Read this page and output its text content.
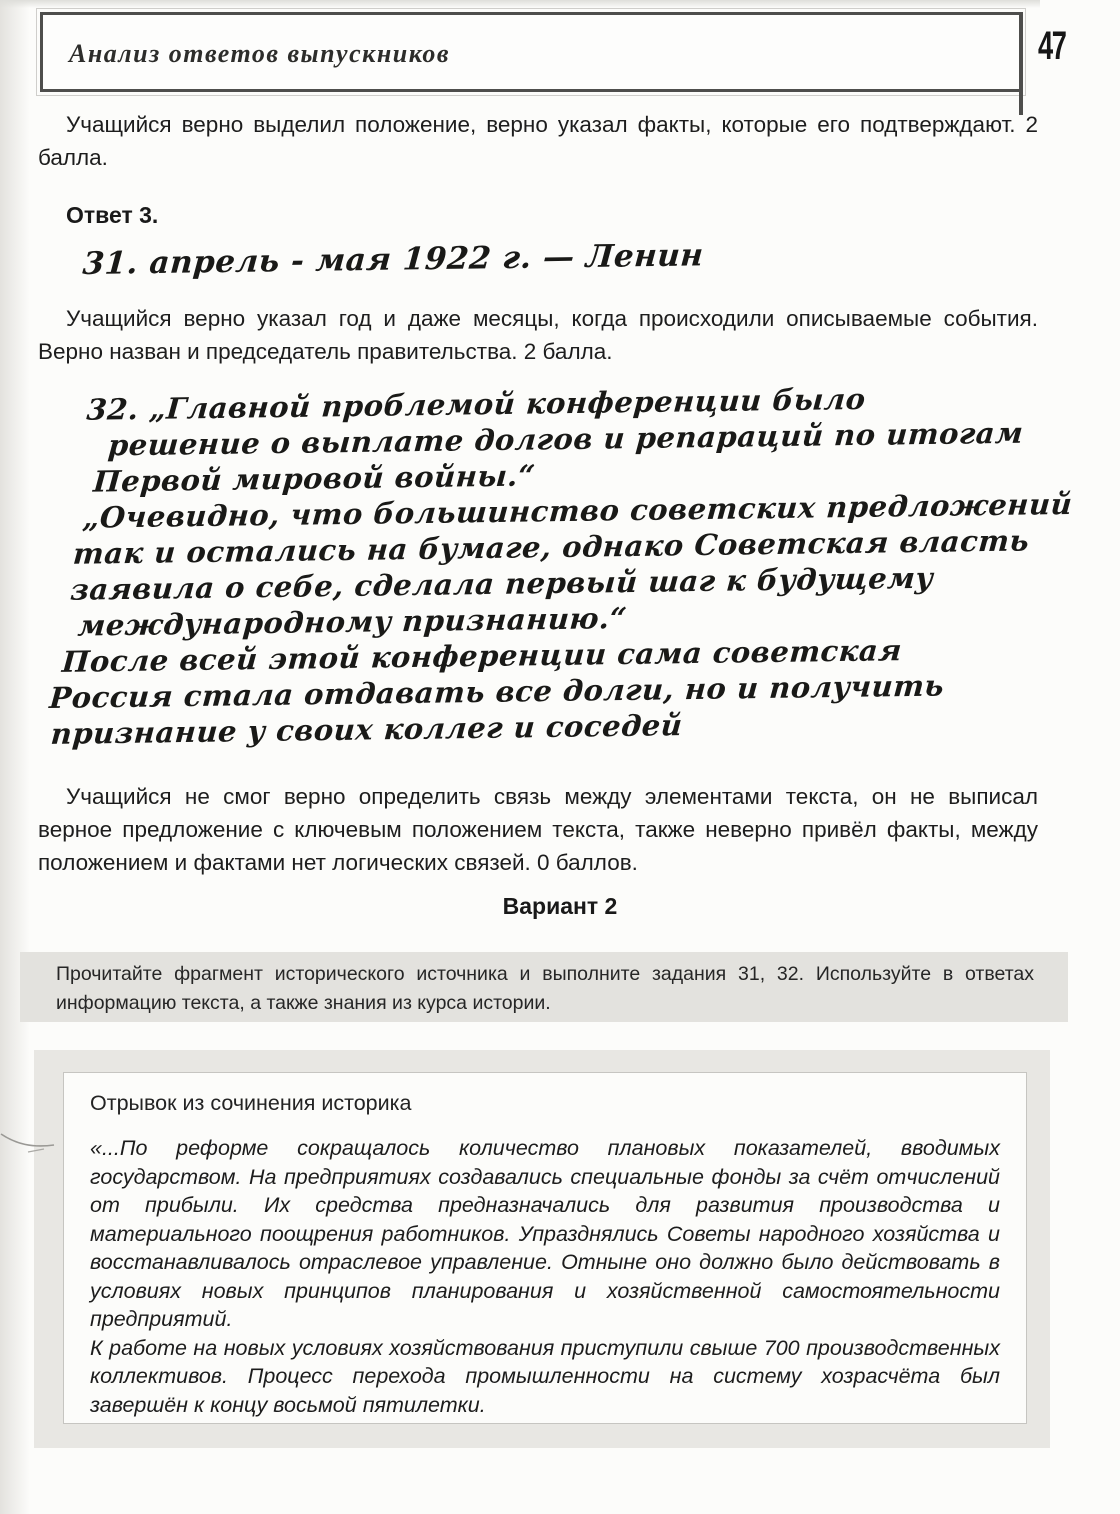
Анализ ответов выпускников	47
Учащийся верно выделил положение, верно указал факты, которые его подтверждают. 2 балла.
Ответ 3.
31. апрель - мая 1922 г. — Ленин
Учащийся верно указал год и даже месяцы, когда происходили описываемые события. Верно назван и председатель правительства. 2 балла.
32. „Главной проблемой конференции было
решение о выплате долгов и репараций по итогам
Первой мировой войны.“
„Очевидно, что большинство советских предложений
так и остались на бумаге, однако Советская власть
заявила о себе, сделала первый шаг к будущему
международному признанию.“
После всей этой конференции сама советская
Россия стала отдавать все долги, но и получить
признание у своих коллег и соседей
Учащийся не смог верно определить связь между элементами текста, он не выписал верное предложение с ключевым положением текста, также неверно привёл факты, между положением и фактами нет логических связей. 0 баллов.
Вариант 2
Прочитайте фрагмент исторического источника и выполните задания 31, 32. Используйте в ответах информацию текста, а также знания из курса истории.
Отрывок из сочинения историка

«...По реформе сокращалось количество плановых показателей, вводимых государством. На предприятиях создавались специальные фонды за счёт отчислений от прибыли. Их средства предназначались для развития производства и материального поощрения работников. Упразднялись Советы народного хозяйства и восстанавливалось отраслевое управление. Отныне оно должно было действовать в условиях новых принципов планирования и хозяйственной самостоятельности предприятий.

К работе на новых условиях хозяйствования приступили свыше 700 производственных коллективов. Процесс перехода промышленности на систему хозрасчёта был завершён к концу восьмой пятилетки.
